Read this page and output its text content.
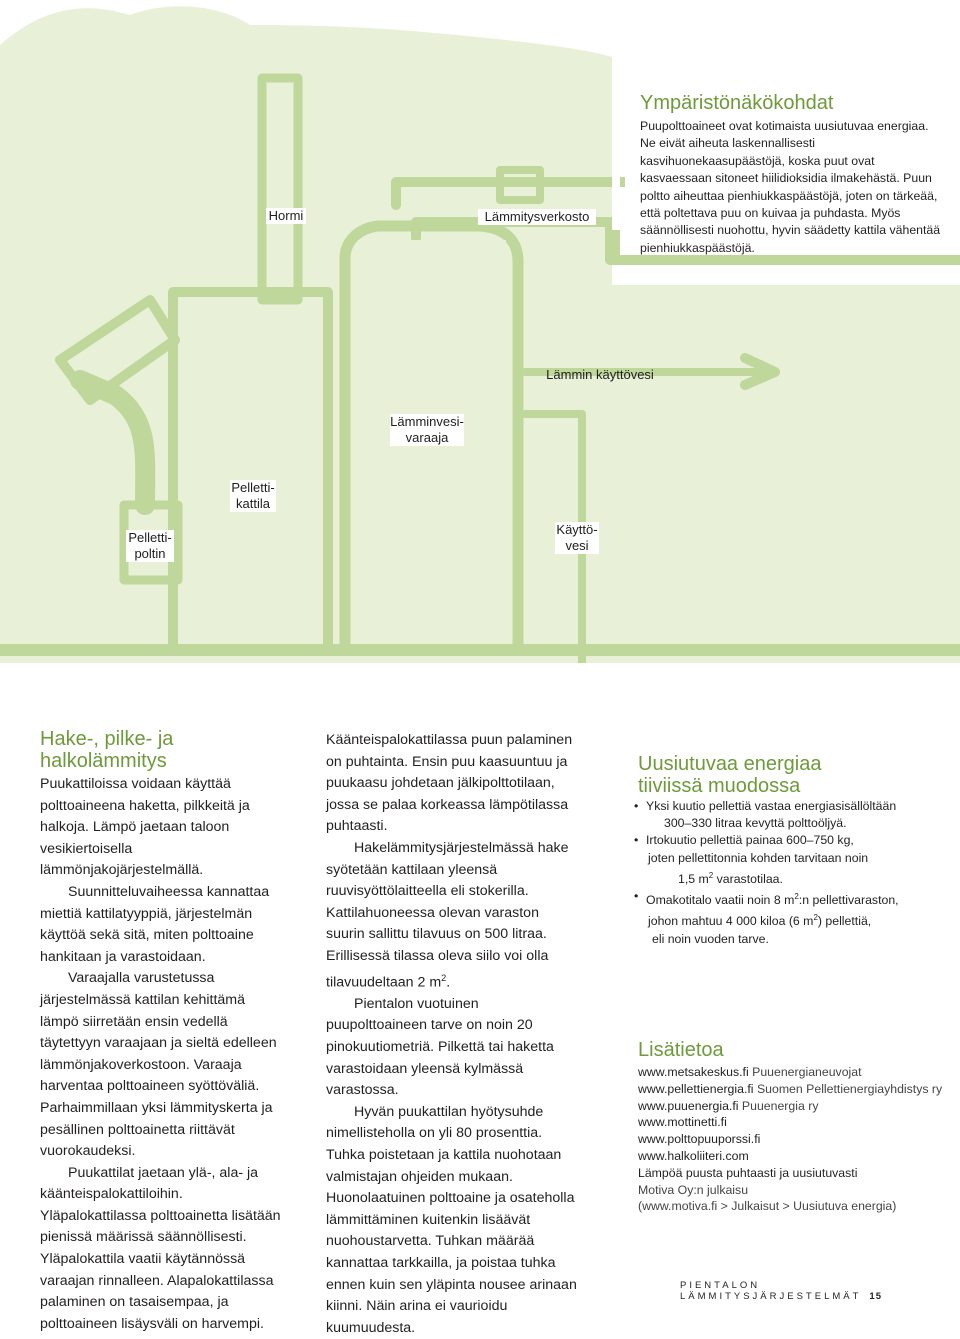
Hormi	Lämmitysverkosto
Lämmin käyttövesi
Lämminvesi-
varaaja
Pelletti-
kattila
Pelletti-
poltin
Käyttö-
vesi
Ympäristönäkökohdat
Puupolttoaineet ovat kotimaista uusiutuvaa energiaa. Ne eivät aiheuta laskennallisesti kasvihuonekaasupäästöjä, koska puut ovat kasvaessaan sitoneet hiilidioksidia ilmakehästä. Puun poltto aiheuttaa pienhiukkaspäästöjä, joten on tärkeää, että poltettava puu on kuivaa ja puhdasta. Myös säännöllisesti nuohottu, hyvin säädetty kattila vähentää pienhiukkaspäästöjä.
Hake-, pilke- ja
halkolämmitys

Puukattiloissa voidaan käyttää polttoaineena haketta, pilkkeitä ja halkoja. Lämpö jaetaan taloon vesikiertoisella lämmönjakojärjestelmällä.

Suunnitteluvaiheessa kannattaa miettiä kattilatyyppiä, järjestelmän käyttöä sekä sitä, miten polttoaine hankitaan ja varastoidaan.

Varaajalla varustetussa järjestelmässä kattilan kehittämä lämpö siirretään ensin vedellä täytettyyn varaajaan ja sieltä edelleen lämmönjakoverkostoon. Varaaja harventaa polttoaineen syöttöväliä. Parhaimmillaan yksi lämmityskerta ja pesällinen polttoainetta riittävät vuorokaudeksi.

Puukattilat jaetaan ylä-, ala- ja käänteispalokattiloihin. Yläpalokattilassa polttoainetta lisätään pienissä määrissä säännöllisesti. Yläpalokattila vaatii käytännössä varaajan rinnalleen. Alapalokattilassa palaminen on tasaisempaa, ja polttoaineen lisäysväli on harvempi.

Käänteispalokattilassa puun palaminen on puhtainta. Ensin puu kaasuuntuu ja puukaasu johdetaan jälkipolttotilaan, jossa se palaa korkeassa lämpötilassa puhtaasti.

Hakelämmitysjärjestelmässä hake syötetään kattilaan yleensä ruuvisyöttölaitteella eli stokerilla. Kattilahuoneessa olevan varaston suurin sallittu tilavuus on 500 litraa. Erillisessä tilassa oleva siilo voi olla tilavuudeltaan 2 $m^2$.

Pientalon vuotuinen puupolttoaineen tarve on noin 20 pinokuutiometriä. Pilkettä tai haketta varastoidaan yleensä kylmässä varastossa.

Hyvän puukattilan hyötysuhde nimellisteholla on yli 80 prosenttia. Tuhka poistetaan ja kattila nuohotaan valmistajan ohjeiden mukaan. Huonolaatuinen polttoaine ja osateholla lämmittäminen kuitenkin lisäävät nuohoustarvetta. Tuhkan määrää kannattaa tarkkailla, ja poistaa tuhka ennen kuin sen yläpinta nousee arinaan kiinni. Näin arina ei vaurioidu kuumuudesta.

Uusiutuvaa energiaa
tiiviissä muodossa
• Yksi kuutio pellettiä vastaa energiasisällöltään
300–330 litraa kevyttä polttoöljyä.
• Irtokuutio pellettiä painaa 600–750 kg,
joten pellettitonnia kohden tarvitaan noin
1,5 $m^2$ varastotilaa.
• Omakotitalo vaatii noin 8 $m^2:n$ pellettivaraston,
johon mahtuu 4 000 kiloa (6 $m^2$) pellettiä,
eli noin vuoden tarve.
Lisätietoa
www.metsakeskus.fi Puuenergianeuvojat
www.pellettienergia.fi Suomen Pellettienergiayhdistys ry
www.puuenergia.fi Puuenergia ry
www.mottinetti.fi
www.polttopuuporssi.fi
www.halkoliiteri.com
Lämpöä puusta puhtaasti ja uusiutuvasti
Motiva Oy:n julkaisu
(www.motiva.fi > Julkaisut > Uusiutuva energia)
PIENTALON LÄMMITYSJÄRJESTELMÄT 15
